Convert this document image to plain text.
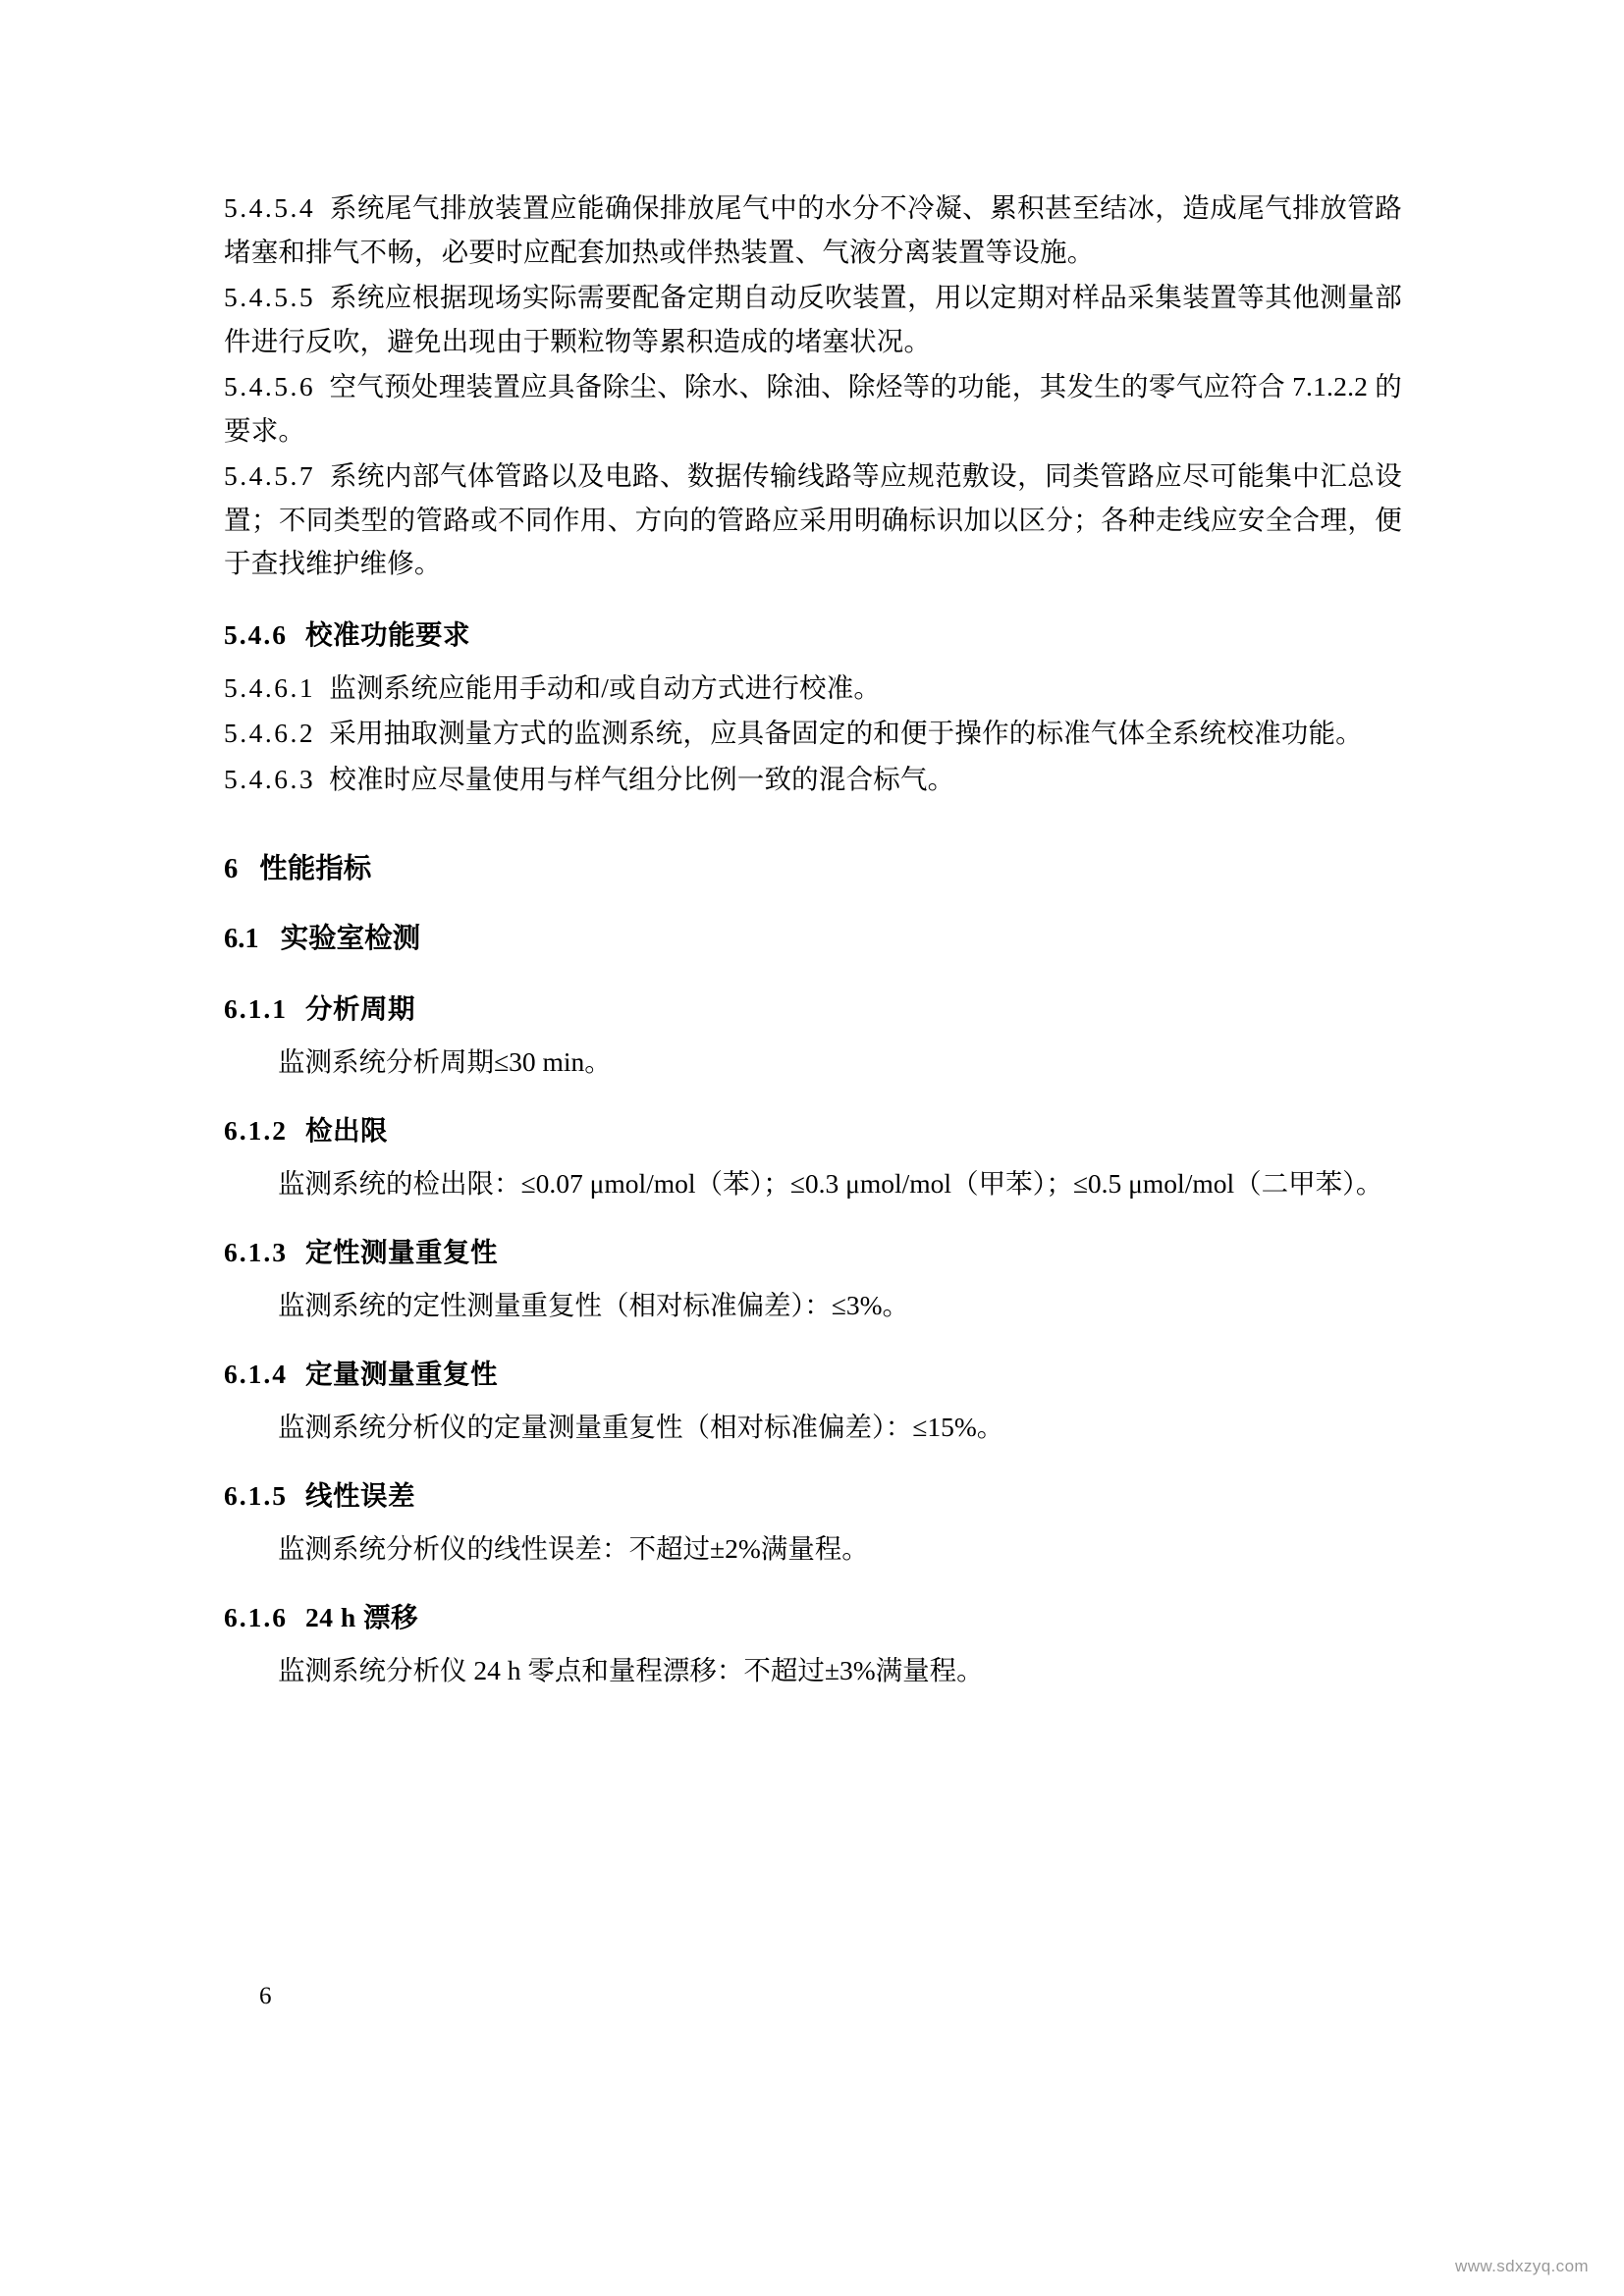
5.4.5.4 系统尾气排放装置应能确保排放尾气中的水分不冷凝、累积甚至结冰，造成尾气排放管路堵塞和排气不畅，必要时应配套加热或伴热装置、气液分离装置等设施。

5.4.5.5 系统应根据现场实际需要配备定期自动反吹装置，用以定期对样品采集装置等其他测量部件进行反吹，避免出现由于颗粒物等累积造成的堵塞状况。

5.4.5.6 空气预处理装置应具备除尘、除水、除油、除烃等的功能，其发生的零气应符合 7.1.2.2 的要求。

5.4.5.7 系统内部气体管路以及电路、数据传输线路等应规范敷设，同类管路应尽可能集中汇总设置；不同类型的管路或不同作用、方向的管路应采用明确标识加以区分；各种走线应安全合理，便于查找维护维修。

5.4.6 校准功能要求

5.4.6.1 监测系统应能用手动和/或自动方式进行校准。

5.4.6.2 采用抽取测量方式的监测系统，应具备固定的和便于操作的标准气体全系统校准功能。

5.4.6.3 校准时应尽量使用与样气组分比例一致的混合标气。

6 性能指标

6.1 实验室检测

6.1.1 分析周期

监测系统分析周期≤30 min。

6.1.2 检出限

监测系统的检出限：≤0.07 μmol/mol（苯）；≤0.3 μmol/mol（甲苯）；≤0.5 μmol/mol（二甲苯）。

6.1.3 定性测量重复性

监测系统的定性测量重复性（相对标准偏差）：≤3%。

6.1.4 定量测量重复性

监测系统分析仪的定量测量重复性（相对标准偏差）：≤15%。

6.1.5 线性误差

监测系统分析仪的线性误差：不超过±2%满量程。

6.1.6 24 h 漂移

监测系统分析仪 24 h 零点和量程漂移：不超过±3%满量程。

6
www.sdxzyq.com
